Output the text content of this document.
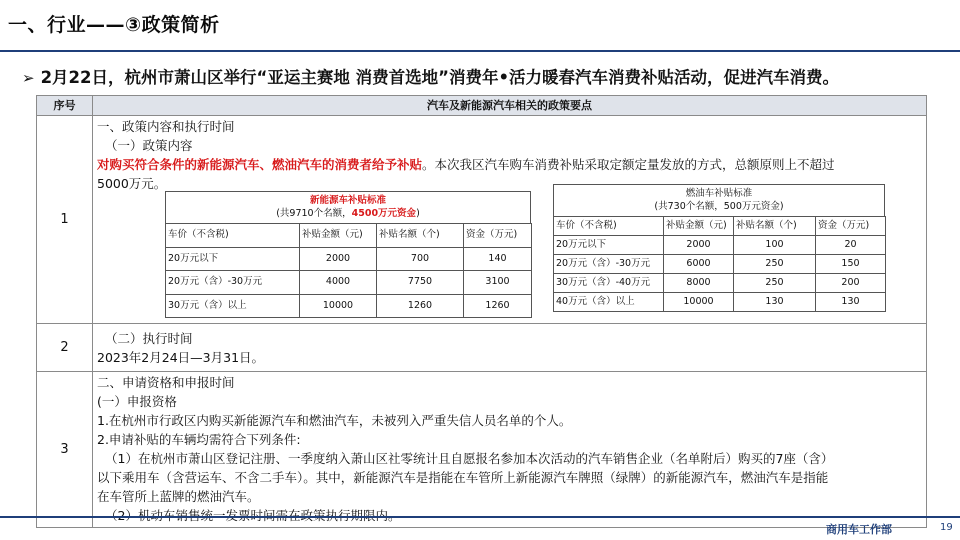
一、行业——③政策简析
➢ 2月22日，杭州市萧山区举行“亚运主赛地 消费首选地”消费年•活力暖春汽车消费补贴活动，促进汽车消费。
序号	汽车及新能源汽车相关的政策要点
1	
一、政策内容和执行时间
（一）政策内容
对购买符合条件的新能源汽车、燃油汽车的消费者给予补贴。本次我区汽车购车消费补贴采取定额定量发放的方式，总额原则上不超过
5000万元。
新能源车补贴标准
(共9710个名额，4500万元资金)
车价（不含税)	补贴金额（元)	补贴名额（个)	资金（万元)
20万元以下	2000	700	140
20万元（含）-30万元	4000	7750	3100
30万元（含）以上	10000	1260	1260
燃油车补贴标准
(共730个名额，500万元资金)
车价（不含税)	补贴金额（元)	补贴名额（个)	资金（万元)
20万元以下	2000	100	20
20万元（含）-30万元	6000	250	150
30万元（含）-40万元	8000	250	200
40万元（含）以上	10000	130	130

2	
（二）执行时间
2023年2月24日—3月31日。

3	
二、申请资格和申报时间
(一）申报资格
1.在杭州市行政区内购买新能源汽车和燃油汽车，未被列入严重失信人员名单的个人。
2.申请补贴的车辆均需符合下列条件:
（1）在杭州市萧山区登记注册、一季度纳入萧山区社零统计且自愿报名参加本次活动的汽车销售企业（名单附后）购买的7座（含）
以下乘用车（含营运车、不含二手车）。其中，新能源汽车是指能在车管所上新能源汽车牌照（绿牌）的新能源汽车，燃油汽车是指能
在车管所上蓝牌的燃油汽车。
商用车工作部	19
